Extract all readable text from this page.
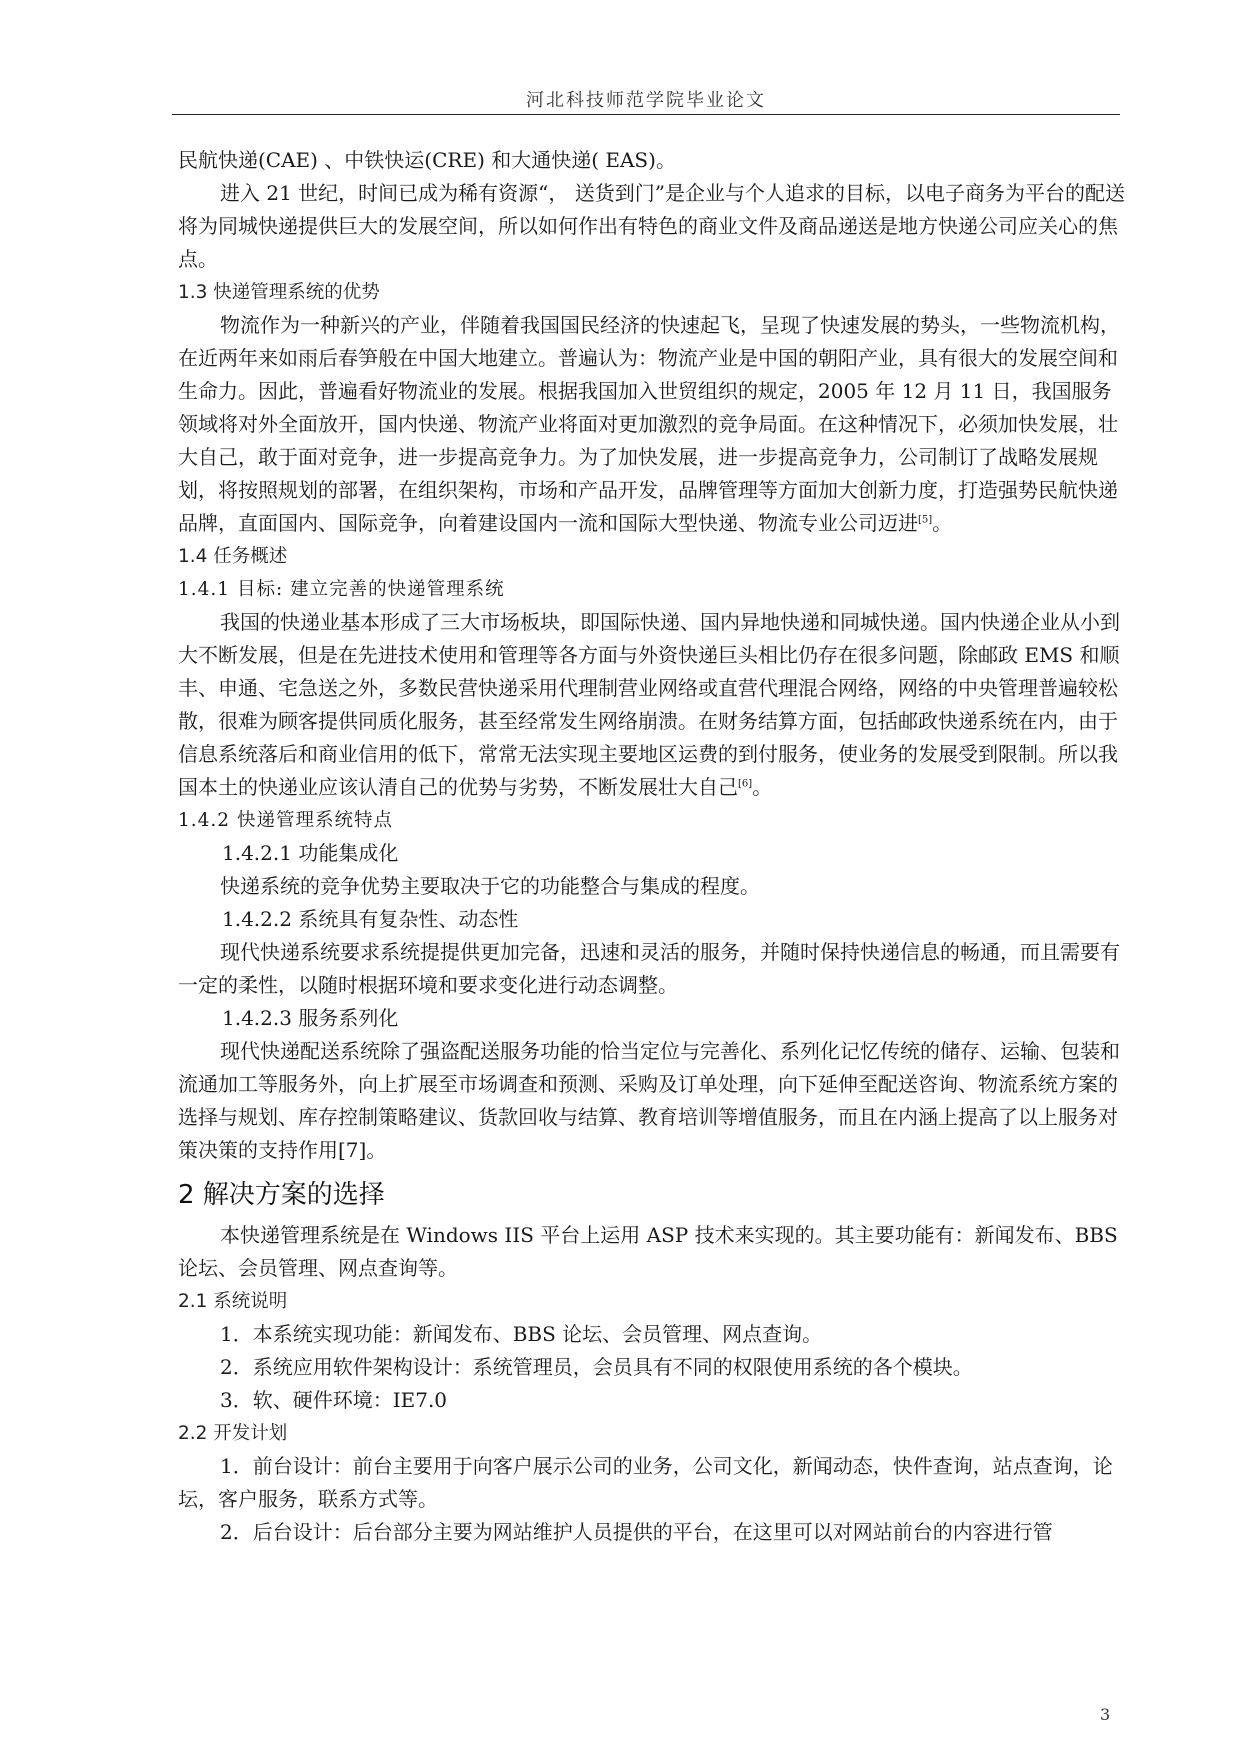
河北科技师范学院毕业论文

民航快递(CAE) 、中铁快运(CRE) 和大通快递( EAS)。

进入 21 世纪，时间已成为稀有资源“， 送货到门”是企业与个人追求的目标，以电子商务为平台的配送将为同城快递提供巨大的发展空间，所以如何作出有特色的商业文件及商品递送是地方快递公司应关心的焦点。

1.3 快递管理系统的优势

物流作为一种新兴的产业，伴随着我国国民经济的快速起飞，呈现了快速发展的势头，一些物流机构，在近两年来如雨后春笋般在中国大地建立。普遍认为：物流产业是中国的朝阳产业，具有很大的发展空间和生命力。因此，普遍看好物流业的发展。根据我国加入世贸组织的规定，2005 年 12 月 11 日，我国服务领域将对外全面放开，国内快递、物流产业将面对更加激烈的竞争局面。在这种情况下，必须加快发展，壮大自己，敢于面对竞争，进一步提高竞争力。为了加快发展，进一步提高竞争力，公司制订了战略发展规划，将按照规划的部署，在组织架构，市场和产品开发，品牌管理等方面加大创新力度，打造强势民航快递品牌，直面国内、国际竞争，向着建设国内一流和国际大型快递、物流专业公司迈进[5]。

1.4 任务概述

1.4.1 目标: 建立完善的快递管理系统

我国的快递业基本形成了三大市场板块，即国际快递、国内异地快递和同城快递。国内快递企业从小到大不断发展，但是在先进技术使用和管理等各方面与外资快递巨头相比仍存在很多问题，除邮政 EMS 和顺丰、申通、宅急送之外，多数民营快递采用代理制营业网络或直营代理混合网络，网络的中央管理普遍较松散，很难为顾客提供同质化服务，甚至经常发生网络崩溃。在财务结算方面，包括邮政快递系统在内，由于信息系统落后和商业信用的低下，常常无法实现主要地区运费的到付服务，使业务的发展受到限制。所以我国本土的快递业应该认清自己的优势与劣势，不断发展壮大自己[6]。

1.4.2 快递管理系统特点

1.4.2.1 功能集成化

快递系统的竞争优势主要取决于它的功能整合与集成的程度。

1.4.2.2 系统具有复杂性、动态性

现代快递系统要求系统提提供更加完备，迅速和灵活的服务，并随时保持快递信息的畅通，而且需要有一定的柔性，以随时根据环境和要求变化进行动态调整。

1.4.2.3 服务系列化

现代快递配送系统除了强盗配送服务功能的恰当定位与完善化、系列化记忆传统的储存、运输、包装和流通加工等服务外，向上扩展至市场调查和预测、采购及订单处理，向下延伸至配送咨询、物流系统方案的选择与规划、库存控制策略建议、货款回收与结算、教育培训等增值服务，而且在内涵上提高了以上服务对策决策的支持作用[7]。

2 解决方案的选择

本快递管理系统是在 Windows IIS 平台上运用 ASP 技术来实现的。其主要功能有：新闻发布、BBS 论坛、会员管理、网点查询等。

2.1 系统说明

1．本系统实现功能：新闻发布、BBS 论坛、会员管理、网点查询。

2．系统应用软件架构设计：系统管理员，会员具有不同的权限使用系统的各个模块。

3．软、硬件环境：IE7.0

2.2 开发计划

1．前台设计：前台主要用于向客户展示公司的业务，公司文化，新闻动态，快件查询，站点查询，论坛，客户服务，联系方式等。

2．后台设计：后台部分主要为网站维护人员提供的平台，在这里可以对网站前台的内容进行管

3
